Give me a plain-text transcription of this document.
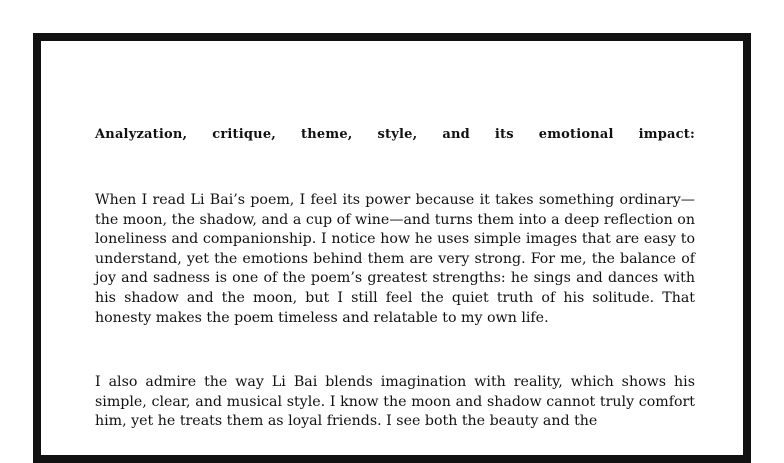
Analyzation, critique, theme, style, and its emotional impact:

When I read Li Bai’s poem, I feel its power because it takes something ordinary—the moon, the shadow, and a cup of wine—and turns them into a deep reflection on loneliness and companionship. I notice how he uses simple images that are easy to understand, yet the emotions behind them are very strong. For me, the balance of joy and sadness is one of the poem’s greatest strengths: he sings and dances with his shadow and the moon, but I still feel the quiet truth of his solitude. That honesty makes the poem timeless and relatable to my own life.

I also admire the way Li Bai blends imagination with reality, which shows his simple, clear, and musical style. I know the moon and shadow cannot truly comfort him, yet he treats them as loyal friends. I see both the beauty and the
